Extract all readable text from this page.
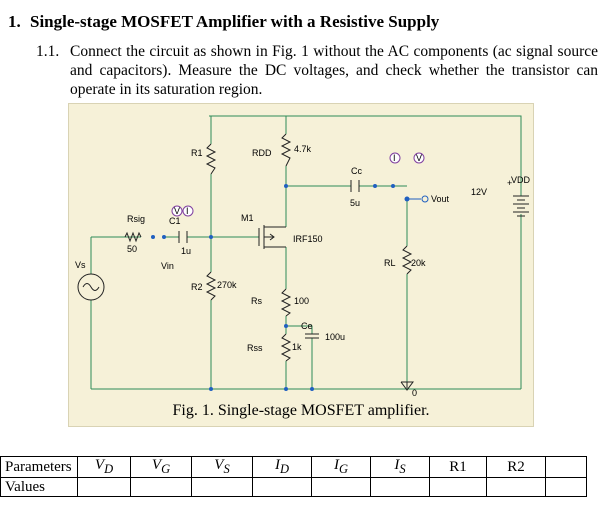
1. Single-stage MOSFET Amplifier with a Resistive Supply
1.1. Connect the circuit as shown in Fig. 1 without the AC components (ac signal source and capacitors). Measure the DC voltages, and check whether the transistor can operate in its saturation region.
V I
I V
R1	RDD	4.7k
M1
IRF150
Rsig
50
C1
1u
Vs	Vin
R2 270k
Rs	100
Rss	1k
Ce
100u
Cc
5u
RL 20k
Vout
12V
+
VDD
0
Fig. 1. Single-stage MOSFET amplifier.
Parameters	$V_D$	$V_G$	$V_S$	$I_D$	$I_G$	$I_S$	R1	R2	
Values									
